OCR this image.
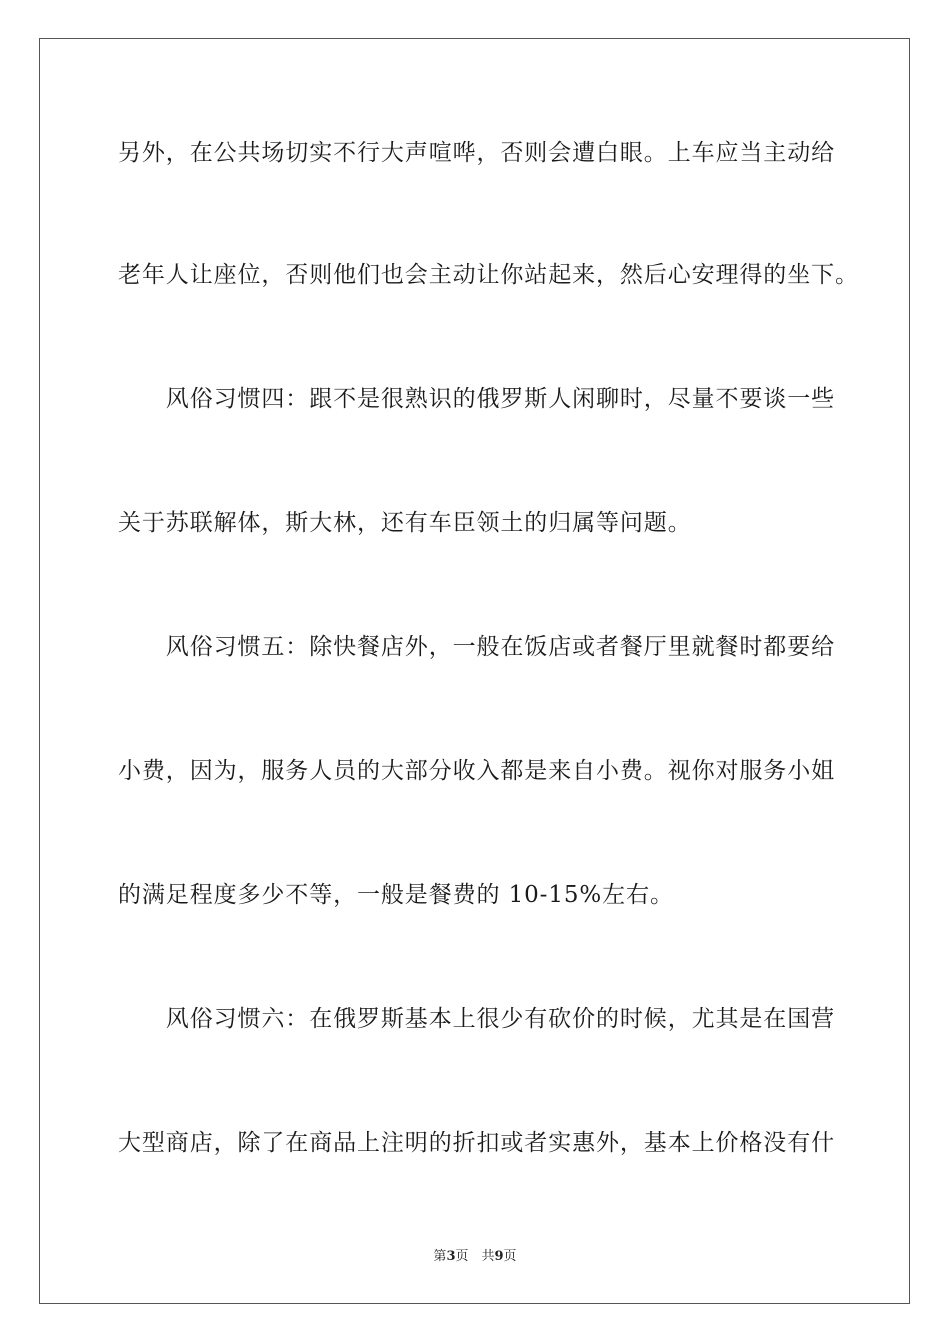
另外，在公共场切实不行大声喧哗，否则会遭白眼。上车应当主动给
老年人让座位，否则他们也会主动让你站起来，然后心安理得的坐下。
　　风俗习惯四：跟不是很熟识的俄罗斯人闲聊时，尽量不要谈一些
关于苏联解体，斯大林，还有车臣领土的归属等问题。
　　风俗习惯五：除快餐店外，一般在饭店或者餐厅里就餐时都要给
小费，因为，服务人员的大部分收入都是来自小费。视你对服务小姐
的满足程度多少不等，一般是餐费的 10-15%左右。
　　风俗习惯六：在俄罗斯基本上很少有砍价的时候，尤其是在国营
大型商店，除了在商品上注明的折扣或者实惠外，基本上价格没有什
第3页　共9页
